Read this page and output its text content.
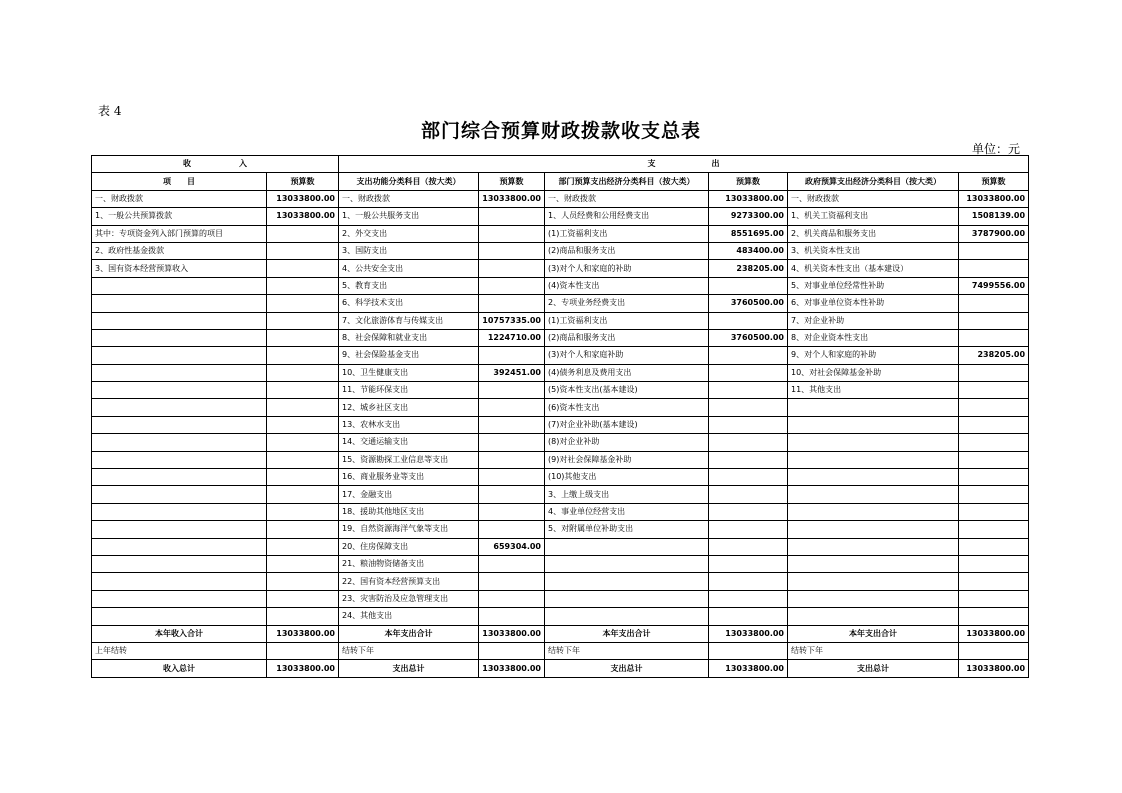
表 4
部门综合预算财政拨款收支总表
单位：元
收　　　　　　入		支　　　　　　　出					
项　　目	预算数	支出功能分类科目（按大类）	预算数	部门预算支出经济分类科目（按大类）	预算数	政府预算支出经济分类科目（按大类）	预算数
一、财政拨款	13033800.00	一、财政拨款	13033800.00	一、财政拨款	13033800.00	一、财政拨款	13033800.00
1、一般公共预算拨款	13033800.00	1、一般公共服务支出		1、人员经费和公用经费支出	9273300.00	1、机关工资福利支出	1508139.00
其中：专项资金列入部门预算的项目		2、外交支出		(1)工资福利支出	8551695.00	2、机关商品和服务支出	3787900.00
2、政府性基金拨款		3、国防支出		(2)商品和服务支出	483400.00	3、机关资本性支出	
3、国有资本经营预算收入		4、公共安全支出		(3)对个人和家庭的补助	238205.00	4、机关资本性支出（基本建设）	
		5、教育支出		(4)资本性支出		5、对事业单位经常性补助	7499556.00
		6、科学技术支出		2、专项业务经费支出	3760500.00	6、对事业单位资本性补助	
		7、文化旅游体育与传媒支出	10757335.00	(1)工资福利支出		7、对企业补助	
		8、社会保障和就业支出	1224710.00	(2)商品和服务支出	3760500.00	8、对企业资本性支出	
		9、社会保险基金支出		(3)对个人和家庭补助		9、对个人和家庭的补助	238205.00
		10、卫生健康支出	392451.00	(4)债务利息及费用支出		10、对社会保障基金补助	
		11、节能环保支出		(5)资本性支出(基本建设)		11、其他支出	
		12、城乡社区支出		(6)资本性支出			
		13、农林水支出		(7)对企业补助(基本建设)			
		14、交通运输支出		(8)对企业补助			
		15、资源勘探工业信息等支出		(9)对社会保障基金补助			
		16、商业服务业等支出		(10)其他支出			
		17、金融支出		3、上缴上级支出			
		18、援助其他地区支出		4、事业单位经营支出			
		19、自然资源海洋气象等支出		5、对附属单位补助支出			
		20、住房保障支出	659304.00				
		21、粮油物资储备支出					
		22、国有资本经营预算支出					
		23、灾害防治及应急管理支出					
		24、其他支出					
本年收入合计	13033800.00	本年支出合计	13033800.00	本年支出合计	13033800.00	本年支出合计	13033800.00
上年结转		结转下年		结转下年		结转下年	
收入总计	13033800.00	支出总计	13033800.00	支出总计	13033800.00	支出总计	13033800.00
